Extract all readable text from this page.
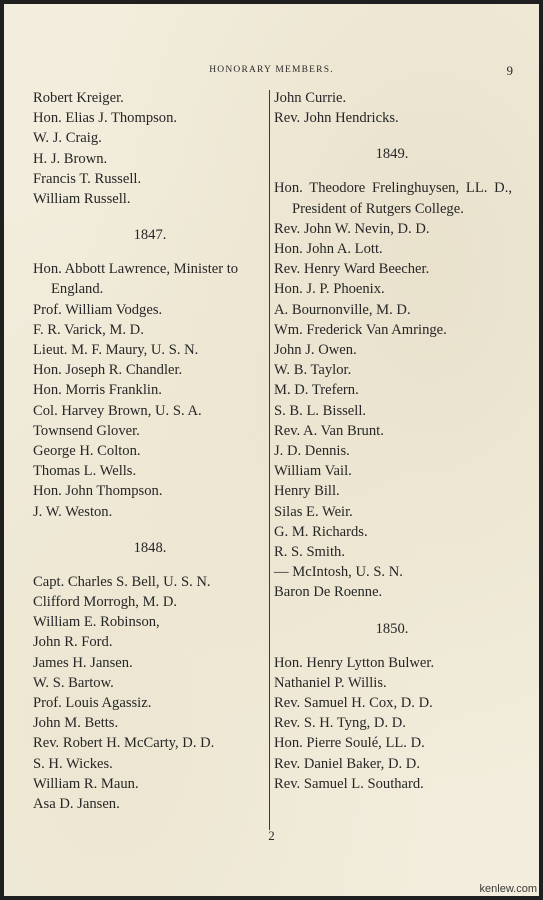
HONORARY MEMBERS.	9
Robert Kreiger.
Hon. Elias J. Thompson.
W. J. Craig.
H. J. Brown.
Francis T. Russell.
William Russell.
1847.
Hon. Abbott Lawrence, Minister to England.
Prof. William Vodges.
F. R. Varick, M. D.
Lieut. M. F. Maury, U. S. N.
Hon. Joseph R. Chandler.
Hon. Morris Franklin.
Col. Harvey Brown, U. S. A.
Townsend Glover.
George H. Colton.
Thomas L. Wells.
Hon. John Thompson.
J. W. Weston.
1848.
Capt. Charles S. Bell, U. S. N.
Clifford Morrogh, M. D.
William E. Robinson,
John R. Ford.
James H. Jansen.
W. S. Bartow.
Prof. Louis Agassiz.
John M. Betts.
Rev. Robert H. McCarty, D. D.
S. H. Wickes.
William R. Maun.
Asa D. Jansen.
John Currie.
Rev. John Hendricks.
1849.
Hon. Theodore Frelinghuysen, LL. D., President of Rutgers College.
Rev. John W. Nevin, D. D.
Hon. John A. Lott.
Rev. Henry Ward Beecher.
Hon. J. P. Phoenix.
A. Bournonville, M. D.
Wm. Frederick Van Amringe.
John J. Owen.
W. B. Taylor.
M. D. Trefern.
S. B. L. Bissell.
Rev. A. Van Brunt.
J. D. Dennis.
William Vail.
Henry Bill.
Silas E. Weir.
G. M. Richards.
R. S. Smith.
— McIntosh, U. S. N.
Baron De Roenne.
1850.
Hon. Henry Lytton Bulwer.
Nathaniel P. Willis.
Rev. Samuel H. Cox, D. D.
Rev. S. H. Tyng, D. D.
Hon. Pierre Soulé, LL. D.
Rev. Daniel Baker, D. D.
Rev. Samuel L. Southard.
2
kenlew.com
